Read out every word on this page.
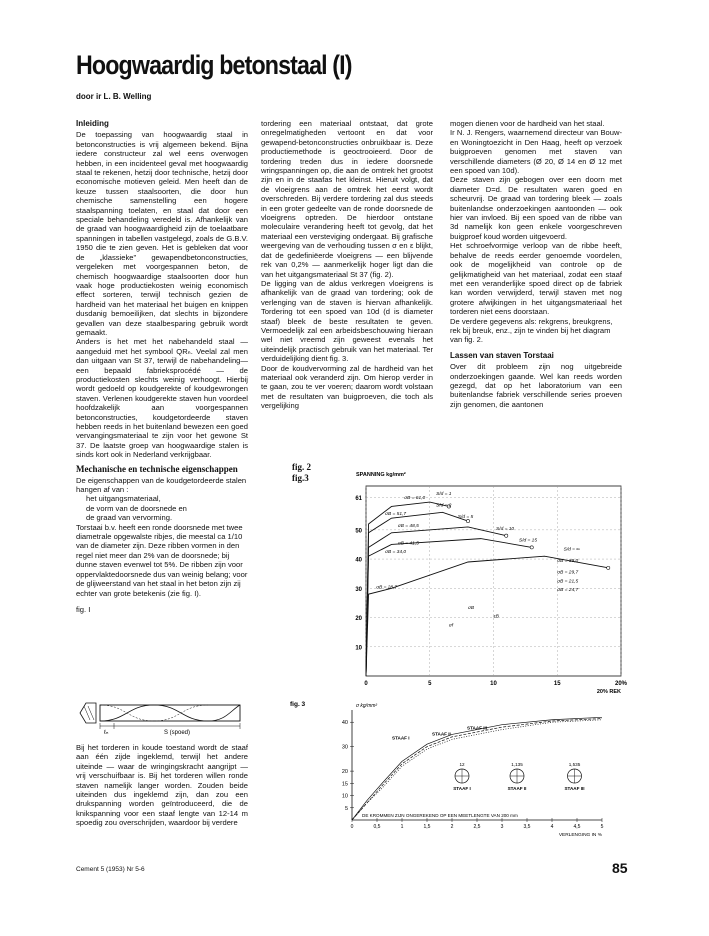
Hoogwaardig betonstaal (I)
door ir L. B. Welling

Inleiding

De toepassing van hoogwaardig staal in betonconstructies is vrij algemeen bekend. Bijna iedere constructeur zal wel eens overwogen hebben, in een incidenteel geval met hoogwaardig staal te rekenen, hetzij door technische, hetzij door economische motieven geleid. Men heeft dan de keuze tussen staalsoorten, die door hun chemische samenstelling een hogere staalspanning toelaten, en staal dat door een speciale behandeling veredeld is. Afhankelijk van de graad van hoogwaardigheid zijn de toelaatbare spanningen in tabellen vastgelegd, zoals de G.B.V. 1950 die te zien geven. Het is gebleken dat voor de „klassieke” gewapendbetonconstructies, vergeleken met voorgespannen beton, de chemisch hoogwaardige staalsoorten door hun vaak hoge productiekosten weinig economisch effect sorteren, terwijl technisch gezien de hardheid van het materiaal het buigen en knippen dusdanig bemoeilijken, dat slechts in bijzondere gevallen van deze staalbesparing gebruik wordt gemaakt.

Anders is het met het nabehandeld staal — aangeduid met het symbool QRₙ. Veelal zal men dan uitgaan van St 37, terwijl de nabehandeling— een bepaald fabrieksprocédé — de productiekosten slechts weinig verhoogt. Hierbij wordt gedoeld op koudgerekte of koudgewrongen staven. Verlenen koudgerekte staven hun voordeel hoofdzakelijk aan voorgespannen betonconstructies, koudgetordeerde staven hebben reeds in het buitenland bewezen een goed vervangingsmateriaal te zijn voor het gewone St 37. De laatste groep van hoogwaardige stalen is sinds kort ook in Nederland verkrijgbaar.

Mechanische en technische eigenschappen

De eigenschappen van de koudgetordeerde stalen hangen af van :

het uitgangsmateriaal,

de vorm van de doorsnede en

de graad van vervorming.

Torstaai b.v. heeft een ronde doorsnede met twee diametrale opgewalste ribjes, die meestal ca 1/10 van de diameter zijn. Deze ribben vormen in den regel niet meer dan 2% van de doorsnede; bij dunne staven evenwel tot 5%. De ribben zijn voor oppervlaktedoorsnede dus van weinig belang; voor de glijweerstand van het staal in het beton zijn zij echter van grote betekenis (zie fig. I).

fig. I

ℓₙ	S (spoed)

Bij het torderen in koude toestand wordt de staaf aan één zijde ingeklemd, terwijl het andere uiteinde — waar de wringingskracht aangrijpt — vrij verschuifbaar is. Bij het torderen willen ronde staven namelijk langer worden. Zouden beide uiteinden dus ingeklemd zijn, dan zou een drukspanning worden geïntroduceerd, die de knikspanning voor een staaf lengte van 12-14 m spoedig zou overschrijden, waardoor bij verdere

tordering een materiaal ontstaat, dat grote onregelmatigheden vertoont en dat voor gewapend-betonconstructies onbruikbaar is. Deze productiemethode is geoctrooieerd. Door de tordering treden dus in iedere doorsnede wringspanningen op, die aan de omtrek het grootst zijn en in de staafas het kleinst. Hieruit volgt, dat de vloeigrens aan de omtrek het eerst wordt overschreden. Bij verdere tordering zal dus steeds in een groter gedeelte van de ronde doorsnede de vloeigrens optreden. De hierdoor ontstane moleculaire verandering heeft tot gevolg, dat het materiaal een versteviging ondergaat. Bij grafische weergeving van de verhouding tussen σ en ε blijkt, dat de gedefiniëerde vloeigrens — een blijvende rek van 0,2% — aanmerkelijk hoger ligt dan die van het uitgangsmateriaal St 37 (fig. 2).

De ligging van de aldus verkregen vloeigrens is afhankelijk van de graad van tordering; ook de verlenging van de staven is hiervan afhankelijk. Tordering tot een spoed van 10d (d is diameter staaf) bleek de beste resultaten te geven. Vermoedelijk zal een arbeidsbeschouwing hieraan wel niet vreemd zijn geweest evenals het uiteindelijk practisch gebruik van het materiaal. Ter verduidelijking dient fig. 3.

Door de koudvervorming zal de hardheid van het materiaal ook veranderd zijn. Om hierop verder in te gaan, zou te ver voeren; daarom wordt volstaan met de resultaten van buigproeven, die toch als vergelijking

mogen dienen voor de hardheid van het staal.

Ir N. J. Rengers, waarnemend directeur van Bouw- en Woningtoezicht in Den Haag, heeft op verzoek buigproeven genomen met staven van verschillende diameters (Ø 20, Ø 14 en Ø 12 met een spoed van 10d).

Deze staven zijn gebogen over een doorn met diameter D=d. De resultaten waren goed en scheurvrij. De graad van tordering bleek — zoals buitenlandse onderzoekingen aantoonden — ook hier van invloed. Bij een spoed van de ribbe van 3d namelijk kon geen enkele voorgeschreven buigproef koud worden uitgevoerd.

Het schroefvormige verloop van de ribbe heeft, behalve de reeds eerder genoemde voordelen, ook de mogelijkheid van controle op de gelijkmatigheid van het materiaal, zodat een staaf met een veranderlijke spoed direct op de fabriek kan worden verwijderd, terwijl staven met nog grotere afwijkingen in het uitgangsmateriaal het torderen niet eens doorstaan.

De verdere gegevens als: rekgrens, breukgrens, rek bij breuk, enz., zijn te vinden bij het diagram van fig. 2.

Lassen van staven Torstaai

Over dit probleem zijn nog uitgebreide onderzoekingen gaande. Wel kan reeds worden gezegd, dat op het laboratorium van een buitenlandse fabriek verschillende series proeven zijn genomen, die aantonen

fig. 2
fig.3
61
50
40
30
20
10
0	5	10	15	20%
SPANNING kg/mm²
20% REK
σB = 61,0
σB = 51,7
σB = 48,5
σB = 41,5
σB = 34,0
σB = 28,7
σB = 39,0
σB = 29,7
σB = 21,5
σB = 24,7
S/d = 1
S/d = 2
S/d = 5
S/d = 10
S/d = 15
S/d = ∞
σB
εB
σf
fig. 3
40
30
20
15
10
5
0	0,5	1	1,5	2	2,5	3	3,5	4	4,5	5
σ kg/mm²
VERLENGING IN %
DE KROMMEN ZIJN ONGEREKEND OP EEN MEETLENGTE VAN 200 mm
STAAF I
STAAF II
STAAF III
12
STAAF I
1,135
STAAF II
1,535
STAAF III
Cement 5 (1953) Nr 5-6	85
